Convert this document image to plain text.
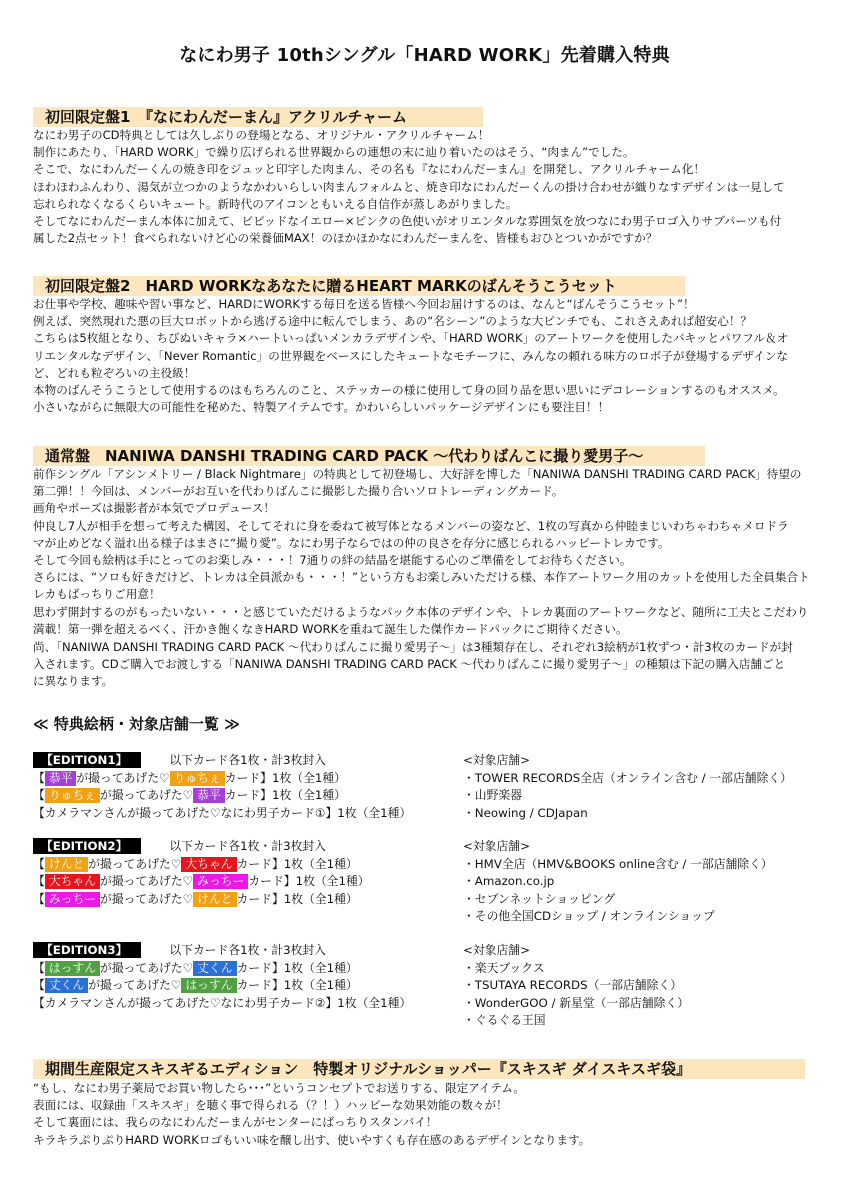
なにわ男子 10thシングル「HARD WORK」先着購入特典
初回限定盤1　『なにわんだーまん』アクリルチャーム

なにわ男子のCD特典としては久しぶりの登場となる、オリジナル・アクリルチャーム！

制作にあたり、「HARD WORK」で繰り広げられる世界観からの連想の末に辿り着いたのはそう、“肉まん”でした。

そこで、なにわんだーくんの焼き印をジュッと印字した肉まん、その名も『なにわんだーまん』を開発し、アクリルチャーム化！

ほわほわふんわり、湯気が立つかのようなかわいらしい肉まんフォルムと、焼き印なにわんだーくんの掛け合わせが織りなすデザインは一見して

忘れられなくなるくらいキュート。新時代のアイコンともいえる自信作が蒸しあがりました。

そしてなにわんだーまん本体に加えて、ビビッドなイエロー×ピンクの色使いがオリエンタルな雰囲気を放つなにわ男子ロゴ入りサブパーツも付

属した2点セット！食べられないけど心の栄養価MAX！のほかほかなにわんだーまんを、皆様もおひとついかがですか？

初回限定盤2　HARD WORKなあなたに贈るHEART MARKのばんそうこうセット

お仕事や学校、趣味や習い事など、HARDにWORKする毎日を送る皆様へ今回お届けするのは、なんと“ばんそうこうセット”！

例えば、突然現れた悪の巨大ロボットから逃げる途中に転んでしまう、あの“名シーン”のような大ピンチでも、これさえあれば超安心！？

こちらは5枚組となり、ちびぬいキャラ×ハートいっぱいメンカラデザインや、「HARD WORK」のアートワークを使用したバキッとパワフル＆オ

リエンタルなデザイン、「Never Romantic」の世界観をベースにしたキュートなモチーフに、みんなの頼れる味方のロボ子が登場するデザインな

ど、どれも粒ぞろいの主役級！

本物のばんそうこうとして使用するのはもちろんのこと、ステッカーの様に使用して身の回り品を思い思いにデコレーションするのもオススメ。

小さいながらに無限大の可能性を秘めた、特製アイテムです。かわいらしいパッケージデザインにも要注目！！

通常盤　NANIWA DANSHI TRADING CARD PACK 〜代わりばんこに撮り愛男子〜

前作シングル「アシンメトリー / Black Nightmare」の特典として初登場し、大好評を博した「NANIWA DANSHI TRADING CARD PACK」待望の

第二弾！！今回は、メンバーがお互いを代わりばんこに撮影した撮り合いソロトレーディングカード。

画角やポーズは撮影者が本気でプロデュース！

仲良し7人が相手を想って考えた構図、そしてそれに身を委ねて被写体となるメンバーの姿など、1枚の写真から仲睦まじいわちゃわちゃメロドラ

マが止めどなく溢れ出る様子はまさに“撮り愛”。なにわ男子ならではの仲の良さを存分に感じられるハッピートレカです。

そして今回も絵柄は手にとってのお楽しみ・・・！7通りの絆の結晶を堪能する心のご準備をしてお待ちください。

さらには、“ソロも好きだけど、トレカは全員派かも・・・！”という方もお楽しみいただける様、本作アートワーク用のカットを使用した全員集合ト

レカもばっちりご用意！

思わず開封するのがもったいない・・・と感じていただけるようなパック本体のデザインや、トレカ裏面のアートワークなど、随所に工夫とこだわり

満載！第一弾を超えるべく、汗かき飽くなきHARD WORKを重ねて誕生した傑作カードパックにご期待ください。

尚、「NANIWA DANSHI TRADING CARD PACK 〜代わりばんこに撮り愛男子〜」は3種類存在し、それぞれ3絵柄が1枚ずつ・計3枚のカードが封

入されます。CDご購入でお渡しする「NANIWA DANSHI TRADING CARD PACK 〜代わりばんこに撮り愛男子〜」の種類は下記の購入店舗ごと

に異なります。

≪ 特典絵柄・対象店舗一覧 ≫
【EDITION1】	以下カード各1枚・計3枚封入
【 恭平 が撮ってあげた♡ りゅちぇ カード】1枚（全1種）
【 りゅちぇ が撮ってあげた♡ 恭平 カード】1枚（全1種）
【カメラマンさんが撮ってあげた♡なにわ男子カード①】1枚（全1種）
<対象店舗>
・TOWER RECORDS全店（オンライン含む / 一部店舗除く）
・山野楽器
・Neowing / CDJapan
【EDITION2】	以下カード各1枚・計3枚封入
【 けんと が撮ってあげた♡ 大ちゃん カード】1枚（全1種）
【 大ちゃん が撮ってあげた♡ みっちー カード】1枚（全1種）
【 みっちー が撮ってあげた♡ けんと カード】1枚（全1種）
<対象店舗>
・HMV全店（HMV&BOOKS online含む / 一部店舗除く）
・Amazon.co.jp
・セブンネットショッピング
・その他全国CDショップ / オンラインショップ
【EDITION3】	以下カード各1枚・計3枚封入
【 はっすん が撮ってあげた♡ 丈くん カード】1枚（全1種）
【 丈くん が撮ってあげた♡ はっすん カード】1枚（全1種）
【カメラマンさんが撮ってあげた♡なにわ男子カード②】1枚（全1種）
<対象店舗>
・楽天ブックス
・TSUTAYA RECORDS（一部店舗除く）
・WonderGOO / 新星堂（一部店舗除く）
・ぐるぐる王国
期間生産限定スキスギるエディション　特製オリジナルショッパー『スキスギ ダイスキスギ袋』

“もし、なにわ男子薬局でお買い物したら･･･”というコンセプトでお送りする、限定アイテム。

表面には、収録曲「スキスギ」を聴く事で得られる（？！）ハッピーな効果効能の数々が！

そして裏面には、我らのなにわんだーまんがセンターにばっちりスタンバイ！

キラキラぷりぷりHARD WORKロゴもいい味を醸し出す、使いやすくも存在感のあるデザインとなります。
